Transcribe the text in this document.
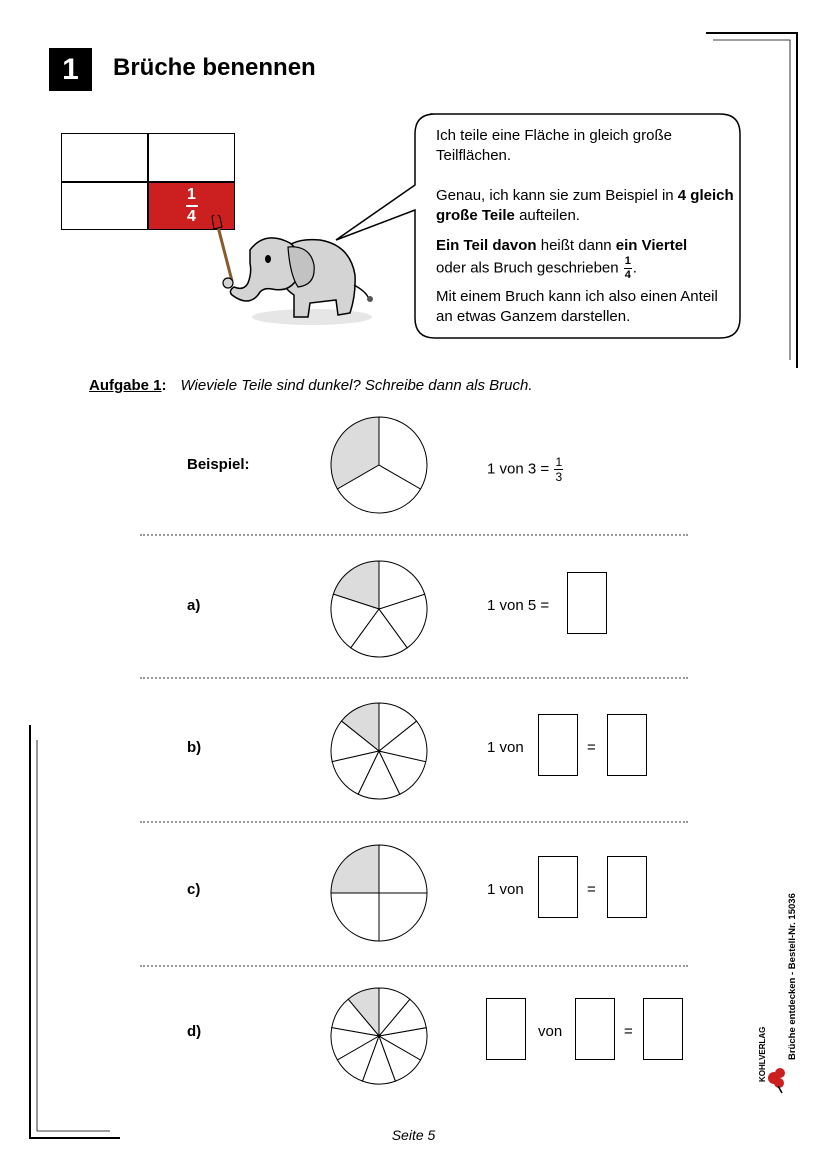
1	Brüche benennen
1
4

Ich teile eine Fläche in gleich große Teilflächen.

Genau, ich kann sie zum Beispiel in 4 gleich große Teile aufteilen.

Ein Teil davon heißt dann ein Viertel
oder als Bruch geschrieben $\frac{1}{4}$ .

Mit einem Bruch kann ich also einen Anteil an etwas Ganzem darstellen.

Aufgabe 1: Wieviele Teile sind dunkel? Schreibe dann als Bruch.
Beispiel:	1 von $3 = \frac{1}{3}$
a)	1 von 5 =
b)	1 von	=
c)	1 von	=
d)	von	=
Seite 5
Brüche entdecken - Bestell-Nr. 15036
KOHLVERLAG
